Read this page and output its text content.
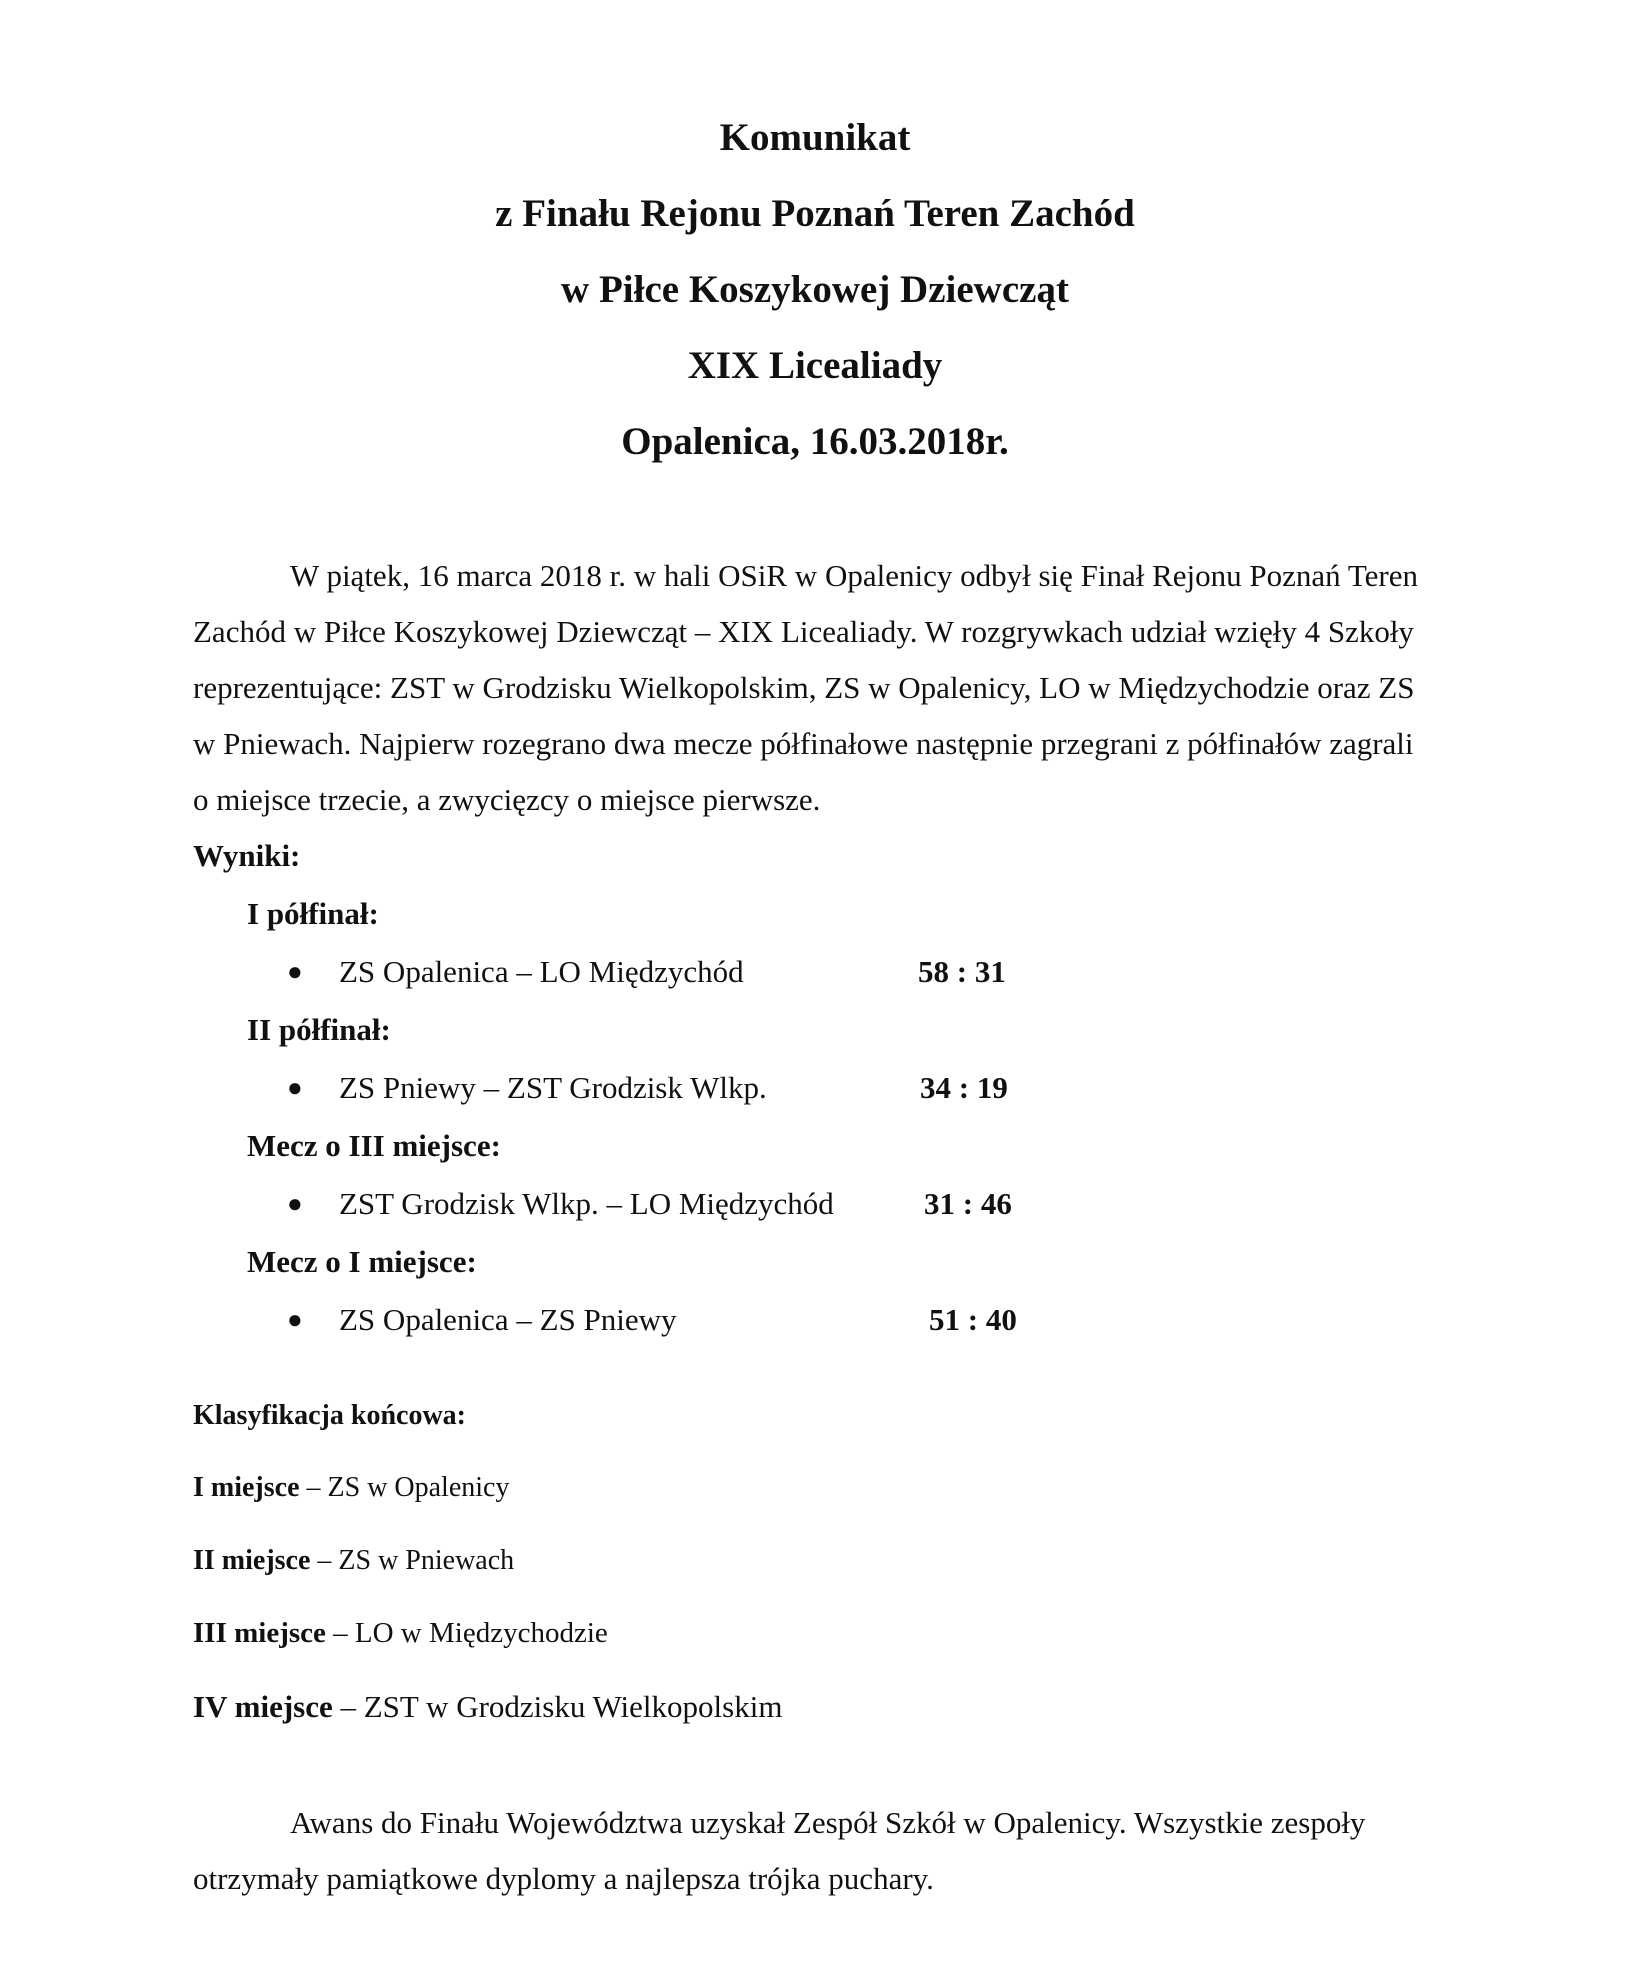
Komunikat
z Finału Rejonu Poznań Teren Zachód
w Piłce Koszykowej Dziewcząt
XIX Licealiady
Opalenica, 16.03.2018r.

W piątek, 16 marca 2018 r. w hali OSiR w Opalenicy odbył się Finał Rejonu Poznań Teren Zachód w Piłce Koszykowej Dziewcząt – XIX Licealiady. W rozgrywkach udział wzięły 4 Szkoły reprezentujące: ZST w Grodzisku Wielkopolskim, ZS w Opalenicy, LO w Międzychodzie oraz ZS w Pniewach. Najpierw rozegrano dwa mecze półfinałowe następnie przegrani z półfinałów zagrali o miejsce trzecie, a zwycięzcy o miejsce pierwsze.

Wyniki:
I półfinał:
● ZS Opalenica – LO Międzychód	58 : 31
II półfinał:
● ZS Pniewy – ZST Grodzisk Wlkp.	34 : 19
Mecz o III miejsce:
● ZST Grodzisk Wlkp. – LO Międzychód	31 : 46
Mecz o I miejsce:
● ZS Opalenica – ZS Pniewy	51 : 40
Klasyfikacja końcowa:
I miejsce – ZS w Opalenicy
II miejsce – ZS w Pniewach
III miejsce – LO w Międzychodzie
IV miejsce – ZST w Grodzisku Wielkopolskim

Awans do Finału Województwa uzyskał Zespół Szkół w Opalenicy. Wszystkie zespoły otrzymały pamiątkowe dyplomy a najlepsza trójka puchary.
